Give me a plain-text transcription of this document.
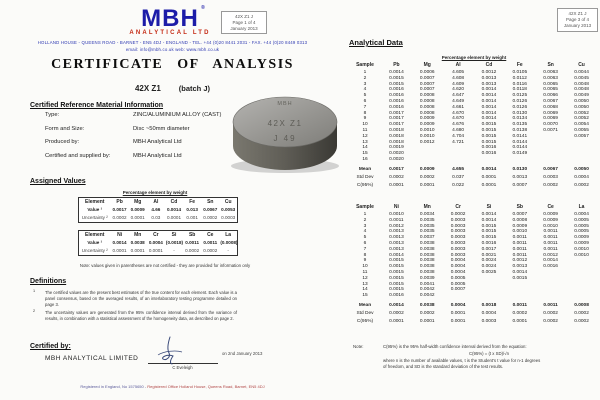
MBH ®
ANALYTICAL LTD
42X Z1 J
Page 1 of 4
January 2013
HOLLAND HOUSE - QUEENS ROAD - BARNET - EN5 4DJ - ENGLAND - TEL. +44 (0)20 8441 2031 - FAX. +44 (0)20 8449 0313
email: info@mbh.co.uk web: www.mbh.co.uk
CERTIFICATE OF ANALYSIS
42X Z1 (batch J)
Certified Reference Material Information
Type:	ZINC/ALUMINIUM ALLOY (CAST)
Form and Size:	Disc ~50mm diameter
Produced by:	MBH Analytical Ltd
Certified and supplied by:	MBH Analytical Ltd
MBH
42X Z1
J 49
Assigned Values
Percentage element by weight
Element	Pb	Mg	Al	Cd	Fe	Sn	Cu
Value ¹	0.0017	0.0009	4.66	0.0014	0.013	0.0067	0.0053
Uncertainty ²	0.0002	0.0001	0.03	0.0001	0.001	0.0002	0.0003
Element	Ni	Mn	Cr	Si	Sb	Ce	La
Value ¹	0.0014	0.0038	0.0004	(0.0018)	0.0011	0.0011	(0.0008)
Uncertainty ²	0.0001	0.0001	0.0001	-	0.0002	0.0002	-
Note: values given in parentheses are not certified - they are provided for information only
Definitions
1 The certified values are the present best estimates of the true content for each element. Each value is a panel consensus, based on the averaged results, of an interlaboratory testing programme detailed on page 3.
2 The uncertainty values are generated from the 95% confidence interval derived from the variance of results, in combination with a statistical assessment of the homogeneity data, as described on page 2.
Certified by:
MBH ANALYTICAL LIMITED
C Eveleigh
on 2nd January 2013
Registered in England, No 1575650 - Registered Office Holland House, Queens Road, Barnet, EN5 4DJ
42X Z1 J
Page 3 of 4
January 2013
Analytical Data
Percentage element by weight
Sample	Pb	Mg	Al	Cd	Fe	Sn	Cu
1	0.0014	0.0006	4.605	0.0012	0.0105	0.0063	0.0044
2	0.0015	0.0007	4.608	0.0013	0.0112	0.0063	0.0045
3	0.0015	0.0007	4.609	0.0013	0.0116	0.0065	0.0048
4	0.0016	0.0007	4.620	0.0014	0.0118	0.0065	0.0048
5	0.0016	0.0008	4.647	0.0014	0.0125	0.0066	0.0049
6	0.0016	0.0008	4.649	0.0014	0.0126	0.0067	0.0050
7	0.0016	0.0008	4.661	0.0014	0.0126	0.0068	0.0050
8	0.0017	0.0008	4.670	0.0014	0.0130	0.0069	0.0052
9	0.0017	0.0009	4.670	0.0014	0.0134	0.0069	0.0052
10	0.0017	0.0009	4.676	0.0015	0.0135	0.0070	0.0054
11	0.0018	0.0010	4.680	0.0015	0.0138	0.0071	0.0055
12	0.0018	0.0010	4.704	0.0015	0.0141		0.0057
13	0.0018	0.0012	4.721	0.0015	0.0144		
14	0.0019			0.0016	0.0144		
15	0.0020			0.0016	0.0149		
16	0.0020						
Mean	0.0017	0.0009	4.655	0.0014	0.0130	0.0067	0.0050
Std Dev	0.0002	0.0002	0.037	0.0001	0.0013	0.0003	0.0004
C(95%)	0.0001	0.0001	0.022	0.0001	0.0007	0.0002	0.0002
Sample	Ni	Mn	Cr	Si	Sb	Ce	La
1	0.0010	0.0034	0.0002	0.0014	0.0007	0.0009	0.0004
2	0.0011	0.0035	0.0003	0.0014	0.0008	0.0009	0.0005
3	0.0012	0.0035	0.0003	0.0015	0.0009	0.0010	0.0005
4	0.0013	0.0035	0.0003	0.0015	0.0010	0.0011	0.0005
5	0.0013	0.0037	0.0003	0.0015	0.0011	0.0011	0.0009
6	0.0013	0.0038	0.0003	0.0016	0.0011	0.0011	0.0009
7	0.0013	0.0038	0.0003	0.0017	0.0011	0.0011	0.0010
8	0.0014	0.0038	0.0003	0.0021	0.0011	0.0012	0.0010
9	0.0015	0.0038	0.0004	0.0024	0.0012	0.0014	
10	0.0015	0.0038	0.0004	0.0024	0.0013	0.0016	
11	0.0015	0.0038	0.0004	0.0025	0.0014		
12	0.0015	0.0039	0.0005		0.0015		
13	0.0015	0.0041	0.0005				
14	0.0015	0.0042	0.0007				
15	0.0016	0.0042					
Mean	0.0014	0.0038	0.0004	0.0018	0.0011	0.0011	0.0008
Std Dev	0.0002	0.0002	0.0001	0.0004	0.0002	0.0002	0.0002
C(95%)	0.0001	0.0001	0.0001	0.0003	0.0001	0.0002	0.0002
Note:	C(95%) is the 95% half-width confidence interval derived from the equation:
C(95%) = (t x SD)/√n
where n is the number of available values, t is the Student's t value for n-1 degrees
of freedom, and SD is the standard deviation of the test results.
